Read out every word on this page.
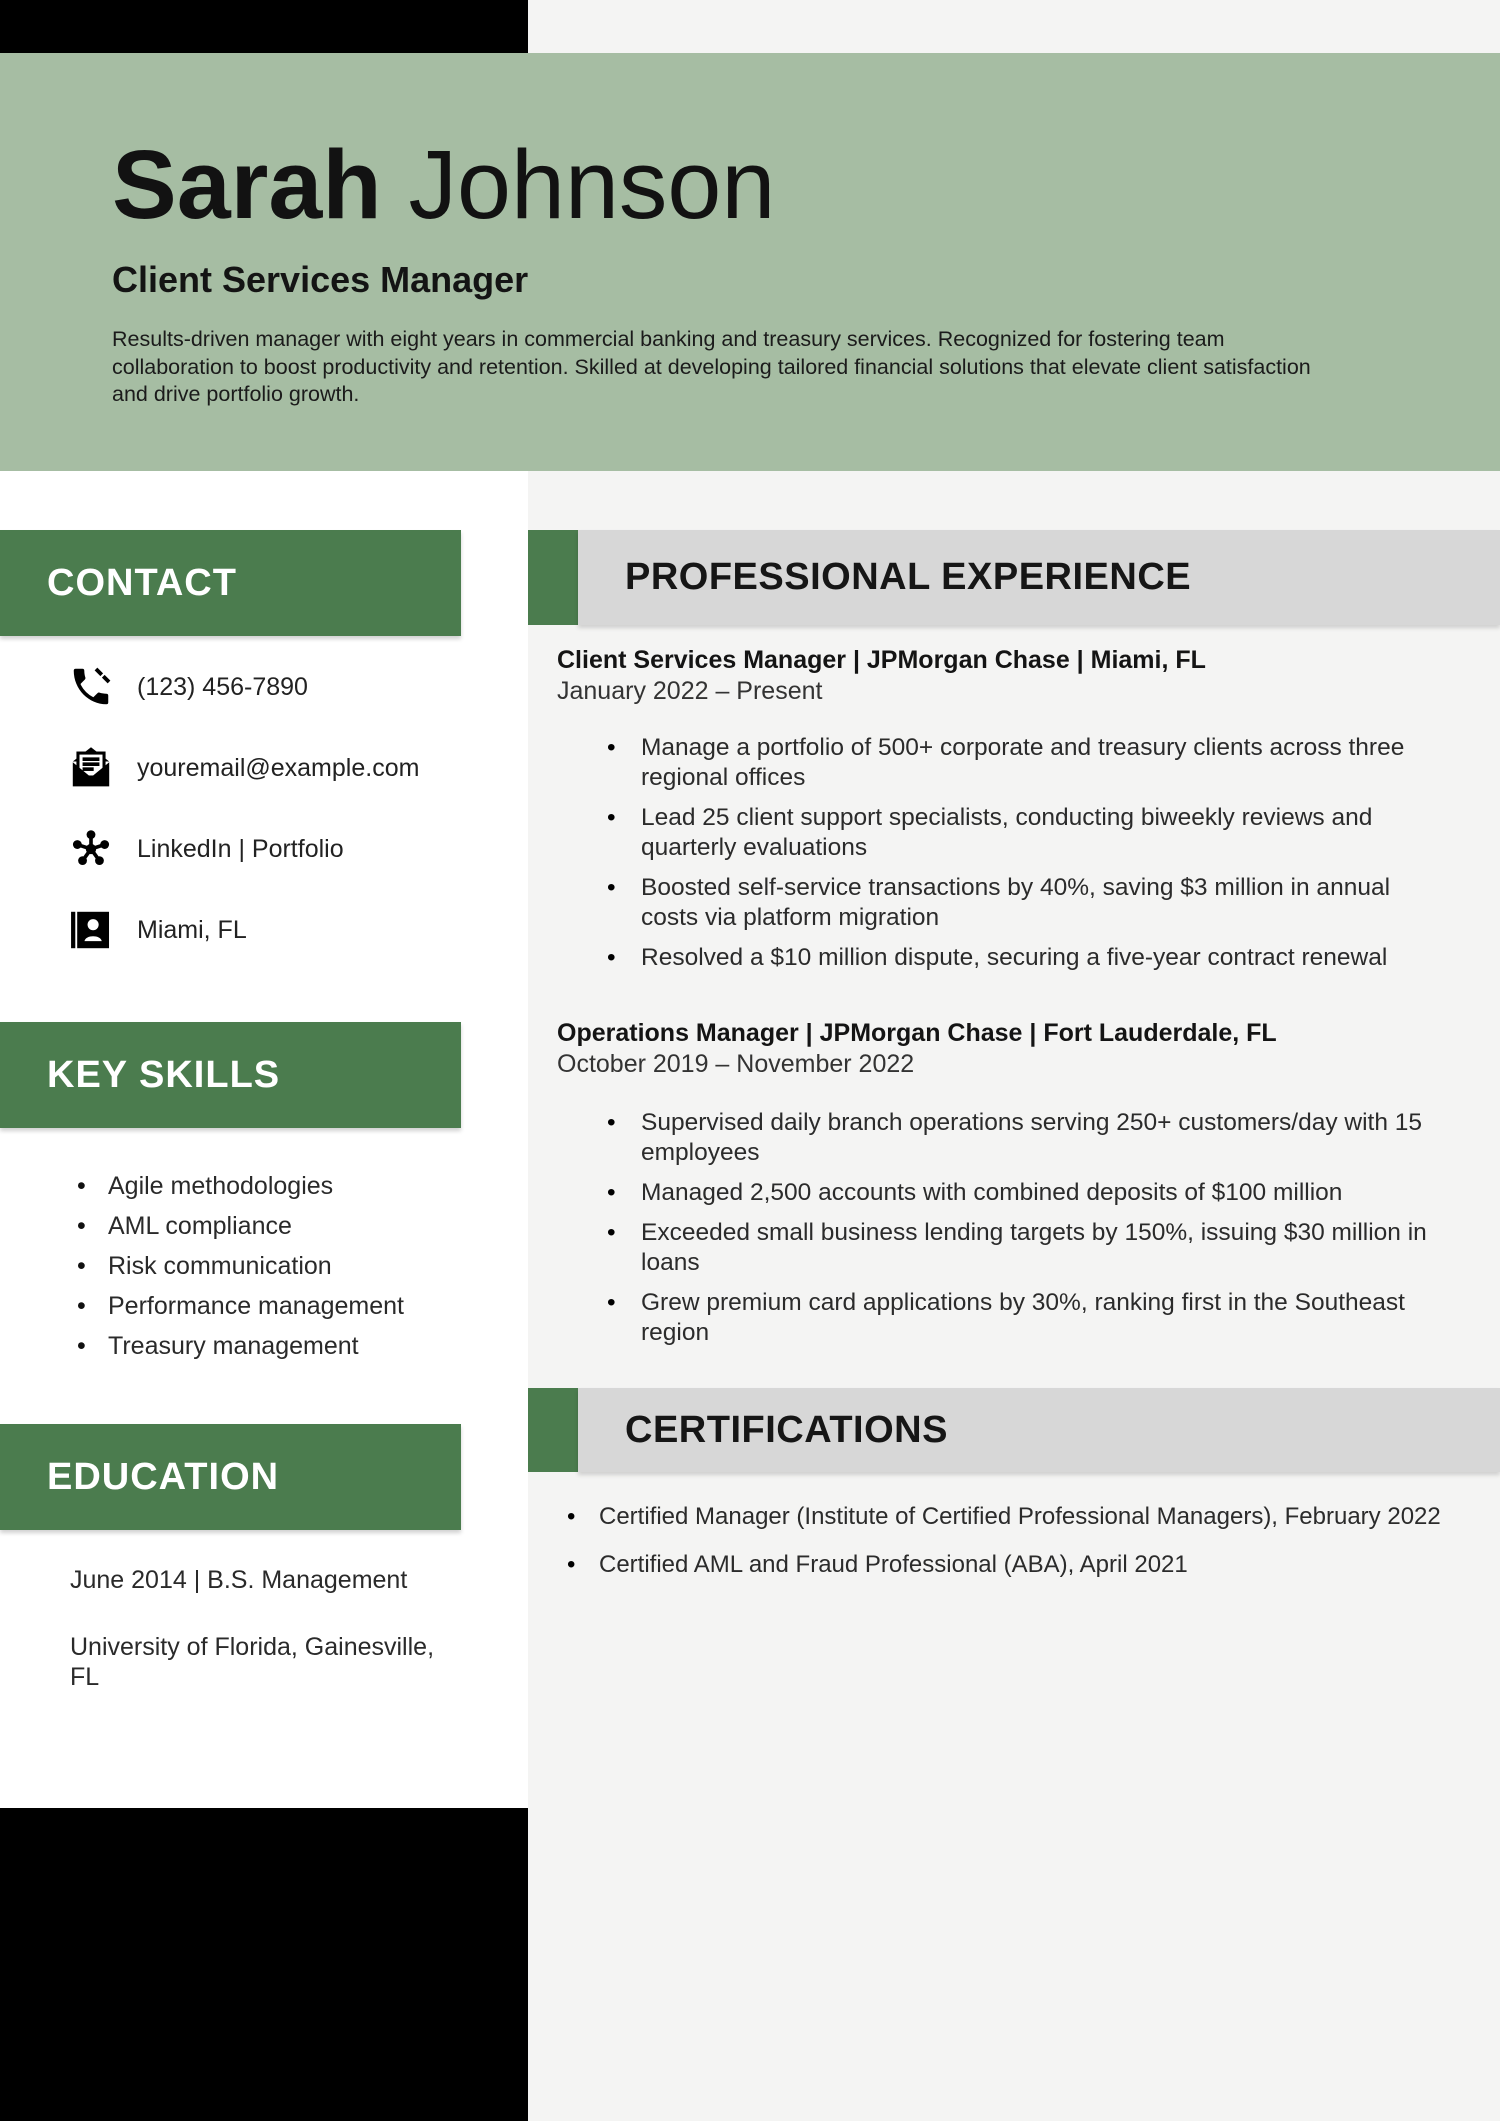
Sarah Johnson
Client Services Manager
Results-driven manager with eight years in commercial banking and treasury services. Recognized for fostering team collaboration to boost productivity and retention. Skilled at developing tailored financial solutions that elevate client satisfaction and drive portfolio growth.
CONTACT
KEY SKILLS
EDUCATION
(123) 456-7890
youremail@example.com
LinkedIn | Portfolio
Miami, FL
• Agile methodologies
• AML compliance
• Risk communication
• Performance management
• Treasury management
June 2014 | B.S. Management
University of Florida, Gainesville, FL
PROFESSIONAL EXPERIENCE
Client Services Manager | JPMorgan Chase | Miami, FL
January 2022 – Present
• Manage a portfolio of 500+ corporate and treasury clients across three regional offices
• Lead 25 client support specialists, conducting biweekly reviews and quarterly evaluations
• Boosted self-service transactions by 40%, saving $3 million in annual costs via platform migration
• Resolved a $10 million dispute, securing a five-year contract renewal
Operations Manager | JPMorgan Chase | Fort Lauderdale, FL
October 2019 – November 2022
• Supervised daily branch operations serving 250+ customers/day with 15 employees
• Managed 2,500 accounts with combined deposits of $100 million
• Exceeded small business lending targets by 150%, issuing $30 million in loans
• Grew premium card applications by 30%, ranking first in the Southeast region
CERTIFICATIONS
• Certified Manager (Institute of Certified Professional Managers), February 2022
• Certified AML and Fraud Professional (ABA), April 2021
